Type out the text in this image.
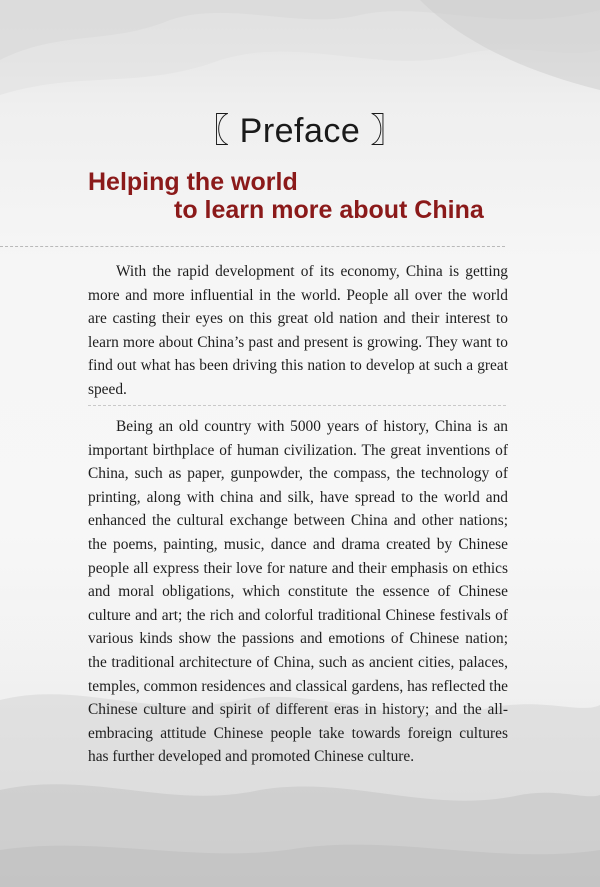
〖 Preface 〗
Helping the world
to learn more about China

With the rapid development of its economy, China is getting more and more influential in the world. People all over the world are casting their eyes on this great old nation and their interest to learn more about China’s past and present is growing. They want to find out what has been driving this nation to develop at such a great speed.

Being an old country with 5000 years of history, China is an important birthplace of human civilization. The great inventions of China, such as paper, gunpowder, the compass, the technology of printing, along with china and silk, have spread to the world and enhanced the cultural exchange between China and other nations; the poems, painting, music, dance and drama created by Chinese people all express their love for nature and their emphasis on ethics and moral obligations, which constitute the essence of Chinese culture and art; the rich and colorful traditional Chinese festivals of various kinds show the passions and emotions of Chinese nation; the traditional architecture of China, such as ancient cities, palaces, temples, common residences and classical gardens, has reflected the Chinese culture and spirit of different eras in history; and the all-embracing attitude Chinese people take towards foreign cultures has further developed and promoted Chinese culture.
